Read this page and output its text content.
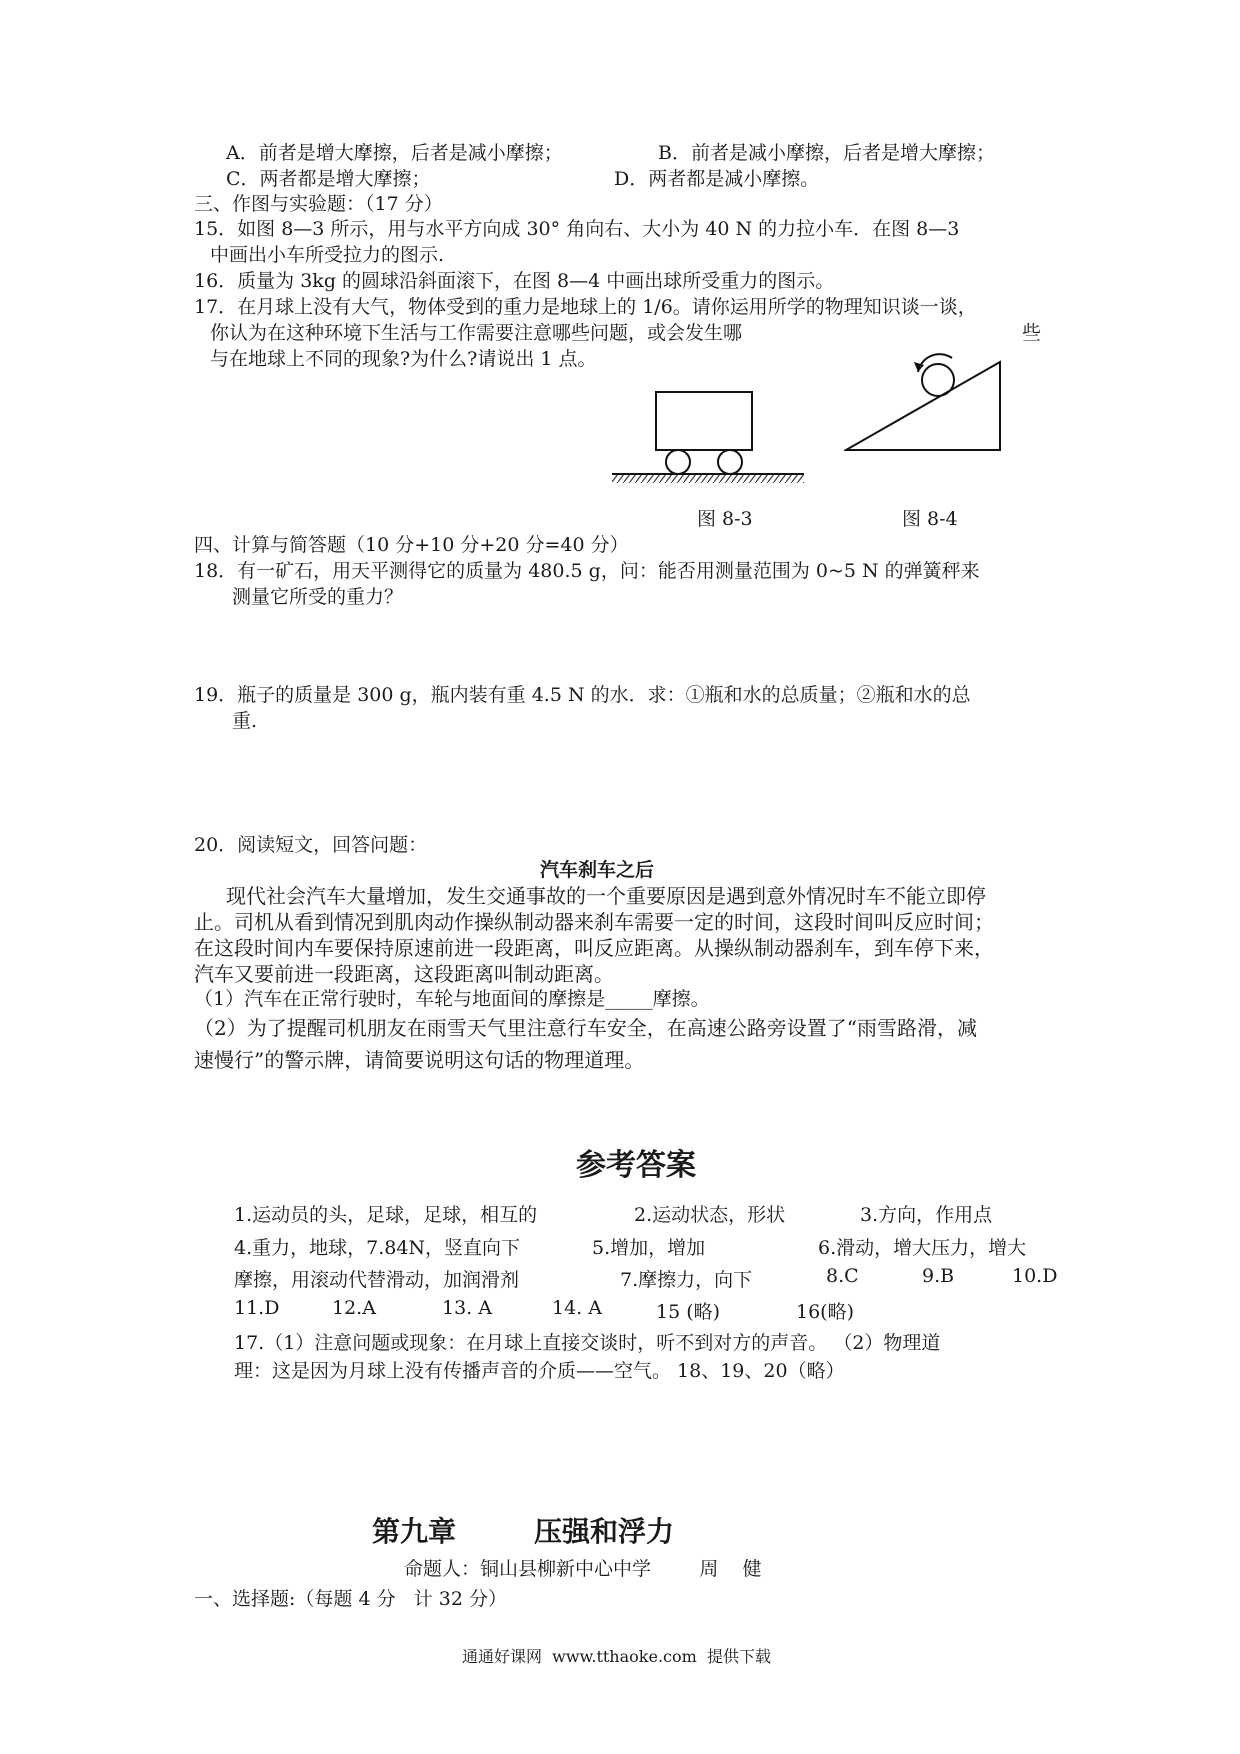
A．前者是增大摩擦，后者是减小摩擦；	B．前者是减小摩擦，后者是增大摩擦；
C．两者都是增大摩擦；	D．两者都是减小摩擦。
三、作图与实验题：（17 分）
15．如图 8—3 所示，用与水平方向成 30° 角向右、大小为 40 N 的力拉小车．在图 8—3
中画出小车所受拉力的图示.
16．质量为 3kg 的圆球沿斜面滚下，在图 8—4 中画出球所受重力的图示。
17．在月球上没有大气，物体受到的重力是地球上的 1/6。请你运用所学的物理知识谈一谈，
你认为在这种环境下生活与工作需要注意哪些问题，或会发生哪	些
与在地球上不同的现象?为什么?请说出 1 点。
图 8-3	图 8-4
四、计算与简答题（10 分+10 分+20 分=40 分）
18．有一矿石，用天平测得它的质量为 480.5 g，问：能否用测量范围为 0~5 N 的弹簧秤来
测量它所受的重力？
19．瓶子的质量是 300 g，瓶内装有重 4.5 N 的水．求：①瓶和水的总质量；②瓶和水的总
重.
20．阅读短文，回答问题：
汽车刹车之后
现代社会汽车大量增加，发生交通事故的一个重要原因是遇到意外情况时车不能立即停
止。司机从看到情况到肌肉动作操纵制动器来刹车需要一定的时间，这段时间叫反应时间；
在这段时间内车要保持原速前进一段距离，叫反应距离。从操纵制动器刹车，到车停下来，
汽车又要前进一段距离，这段距离叫制动距离。
（1）汽车在正常行驶时，车轮与地面间的摩擦是_____摩擦。
（2）为了提醒司机朋友在雨雪天气里注意行车安全，在高速公路旁设置了“雨雪路滑，减
速慢行”的警示牌，请简要说明这句话的物理道理。
参考答案
1.运动员的头，足球，足球，相互的	2.运动状态，形状	3.方向，作用点
4.重力，地球，7.84N，竖直向下	5.增加，增加	6.滑动，增大压力，增大
摩擦，用滚动代替滑动，加润滑剂	7.摩擦力，向下	8.C	9.B	10.D
11.D	12.A	13. A	14. A	15 (略)	16(略)
17.（1）注意问题或现象：在月球上直接交谈时，听不到对方的声音。 （2）物理道
理：这是因为月球上没有传播声音的介质——空气。 18、19、20（略）
第九章        压强和浮力
命题人：铜山县柳新中心中学        周    健
一、选择题:（每题 4 分   计 32 分）
通通好课网  www.tthaoke.com  提供下载
